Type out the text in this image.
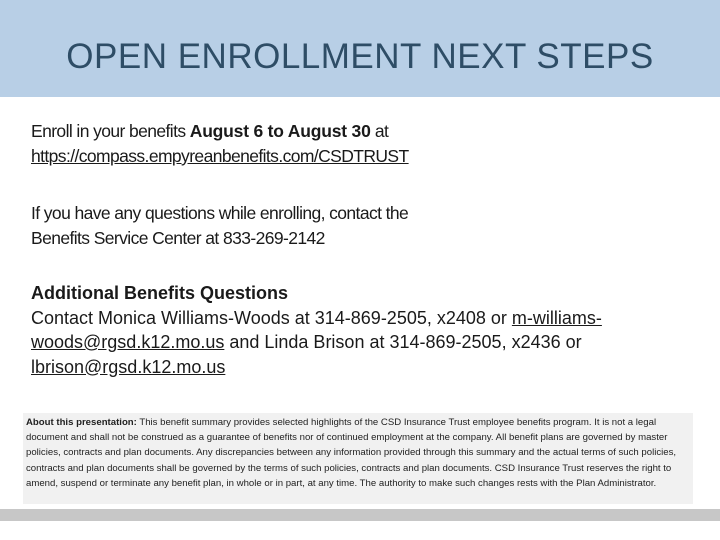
OPEN ENROLLMENT NEXT STEPS
Enroll in your benefits August 6 to August 30 at
https://compass.empyreanbenefits.com/CSDTRUST
If you have any questions while enrolling, contact the
Benefits Service Center at 833-269-2142
Additional Benefits Questions
Contact Monica Williams-Woods at 314-869-2505, x2408 or m-williams-woods@rgsd.k12.mo.us and Linda Brison at 314-869-2505, x2436 or lbrison@rgsd.k12.mo.us
About this presentation: This benefit summary provides selected highlights of the CSD Insurance Trust employee benefits program. It is not a legal document and shall not be construed as a guarantee of benefits nor of continued employment at the company. All benefit plans are governed by master policies, contracts and plan documents. Any discrepancies between any information provided through this summary and the actual terms of such policies, contracts and plan documents shall be governed by the terms of such policies, contracts and plan documents. CSD Insurance Trust reserves the right to amend, suspend or terminate any benefit plan, in whole or in part, at any time. The authority to make such changes rests with the Plan Administrator.
